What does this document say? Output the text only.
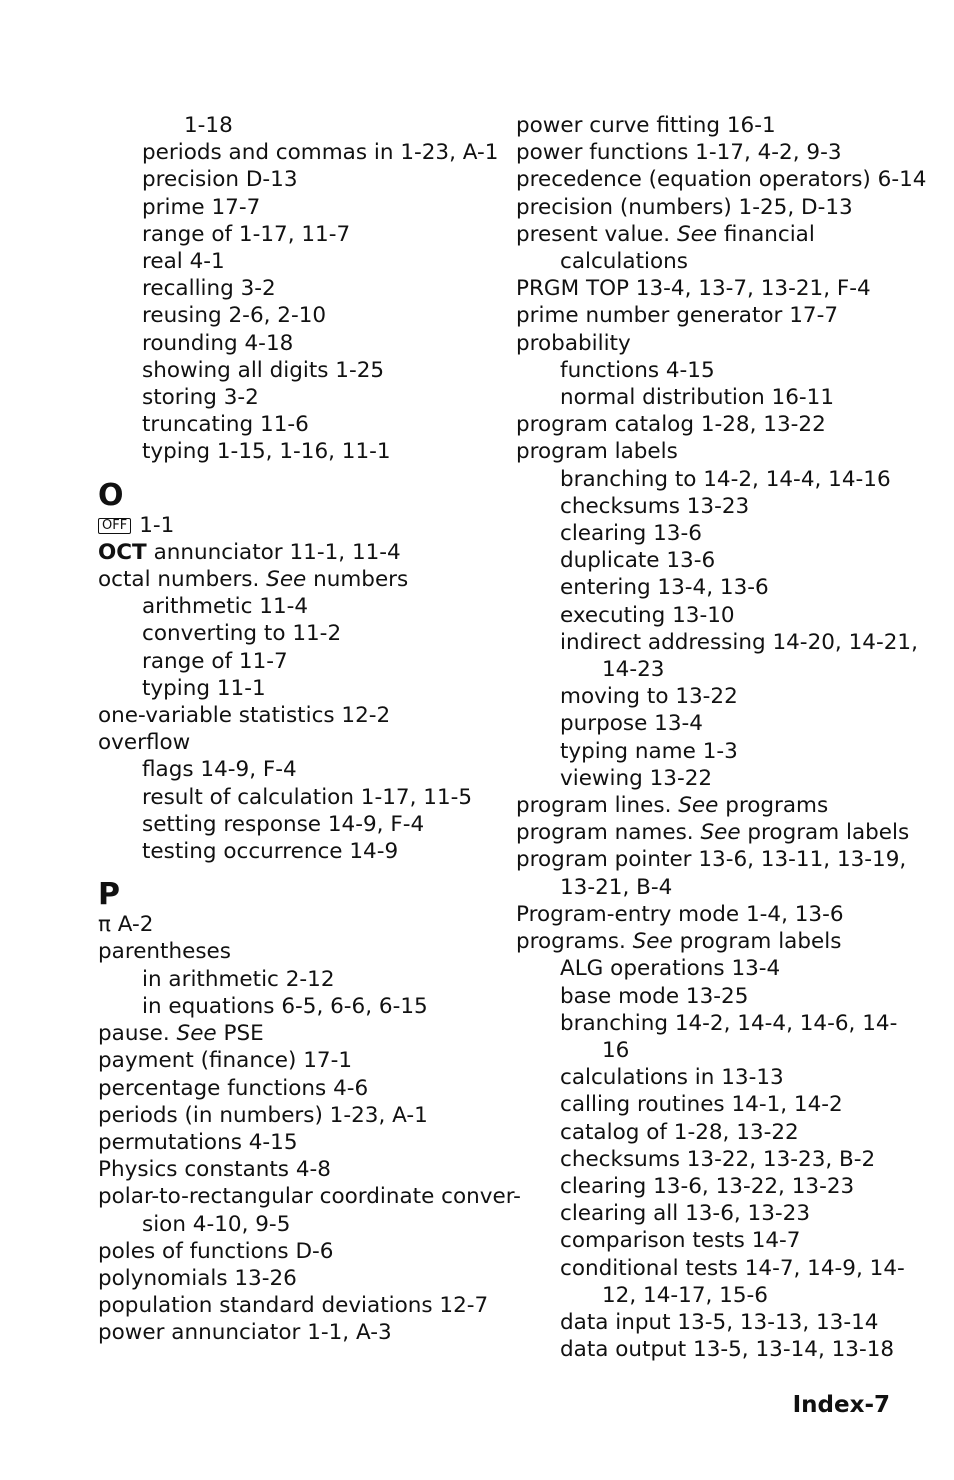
1-18
periods and commas in 1-23, A-1
precision D-13
prime 17-7
range of 1-17, 11-7
real 4-1
recalling 3-2
reusing 2-6, 2-10
rounding 4-18
showing all digits 1-25
storing 3-2
truncating 11-6
typing 1-15, 1-16, 11-1
O
OFF 1-1
OCT annunciator 11-1, 11-4
octal numbers. See numbers
arithmetic 11-4
converting to 11-2
range of 11-7
typing 11-1
one-variable statistics 12-2
overflow
flags 14-9, F-4
result of calculation 1-17, 11-5
setting response 14-9, F-4
testing occurrence 14-9
P
π A-2
parentheses
in arithmetic 2-12
in equations 6-5, 6-6, 6-15
pause. See PSE
payment (finance) 17-1
percentage functions 4-6
periods (in numbers) 1-23, A-1
permutations 4-15
Physics constants 4-8
polar-to-rectangular coordinate conver-
sion 4-10, 9-5
poles of functions D-6
polynomials 13-26
population standard deviations 12-7
power annunciator 1-1, A-3
power curve fitting 16-1
power functions 1-17, 4-2, 9-3
precedence (equation operators) 6-14
precision (numbers) 1-25, D-13
present value. See financial
calculations
PRGM TOP 13-4, 13-7, 13-21, F-4
prime number generator 17-7
probability
functions 4-15
normal distribution 16-11
program catalog 1-28, 13-22
program labels
branching to 14-2, 14-4, 14-16
checksums 13-23
clearing 13-6
duplicate 13-6
entering 13-4, 13-6
executing 13-10
indirect addressing 14-20, 14-21,
14-23
moving to 13-22
purpose 13-4
typing name 1-3
viewing 13-22
program lines. See programs
program names. See program labels
program pointer 13-6, 13-11, 13-19,
13-21, B-4
Program-entry mode 1-4, 13-6
programs. See program labels
ALG operations 13-4
base mode 13-25
branching 14-2, 14-4, 14-6, 14-
16
calculations in 13-13
calling routines 14-1, 14-2
catalog of 1-28, 13-22
checksums 13-22, 13-23, B-2
clearing 13-6, 13-22, 13-23
clearing all 13-6, 13-23
comparison tests 14-7
conditional tests 14-7, 14-9, 14-
12, 14-17, 15-6
data input 13-5, 13-13, 13-14
data output 13-5, 13-14, 13-18
Index-7
